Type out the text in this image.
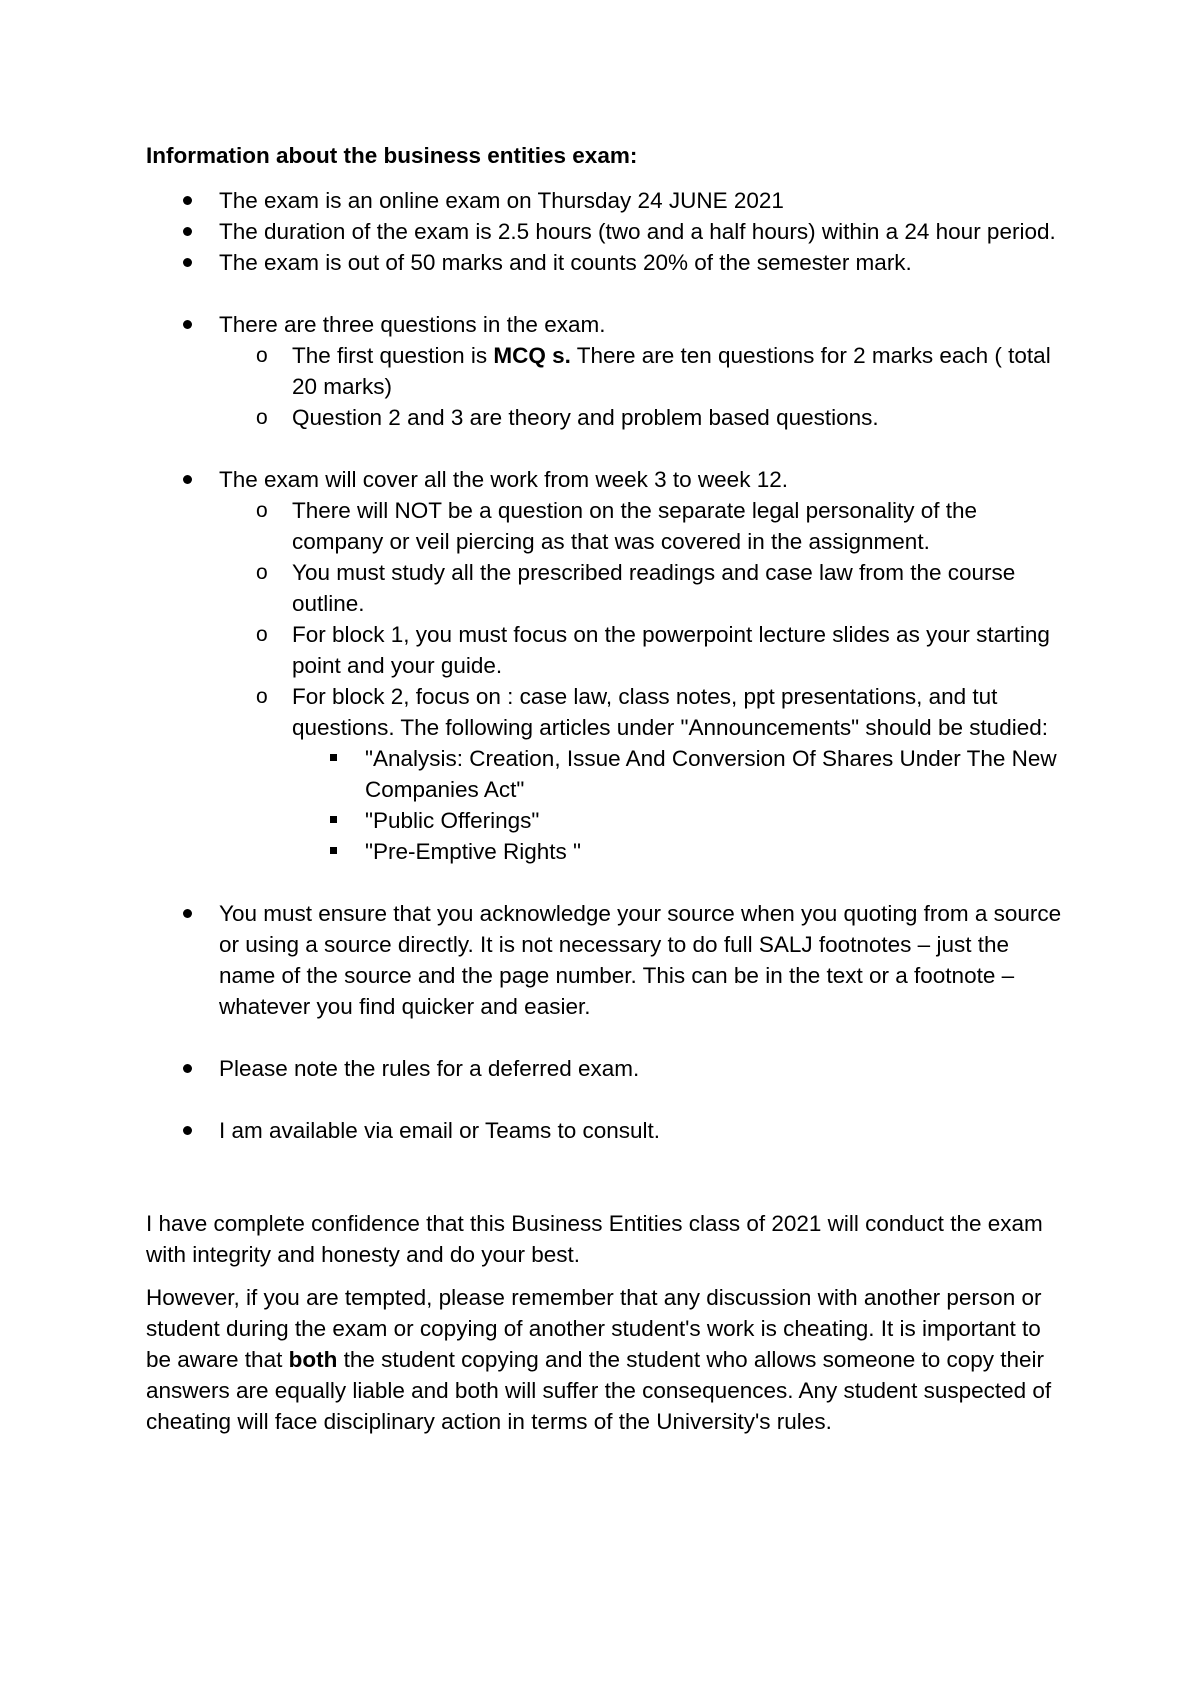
Information about the business entities exam:

The exam is an online exam on Thursday 24 JUNE 2021
The duration of the exam is 2.5 hours (two and a half hours) within a 24 hour period.
The exam is out of 50 marks and it counts 20% of the semester mark.
There are three questions in the exam.
o The first question is MCQ s. There are ten questions for 2 marks each ( total 20 marks)
o Question 2 and 3 are theory and problem based questions.
The exam will cover all the work from week 3 to week 12.
o There will NOT be a question on the separate legal personality of the company or veil piercing as that was covered in the assignment.
o You must study all the prescribed readings and case law from the course outline.
o For block 1, you must focus on the powerpoint lecture slides as your starting point and your guide.
o For block 2, focus on : case law, class notes, ppt presentations, and tut questions. The following articles under "Announcements" should be studied:
"Analysis: Creation, Issue And Conversion Of Shares Under The New Companies Act"
"Public Offerings"
"Pre-Emptive Rights "
You must ensure that you acknowledge your source when you quoting from a source or using a source directly. It is not necessary to do full SALJ footnotes – just the name of the source and the page number. This can be in the text or a footnote – whatever you find quicker and easier.
Please note the rules for a deferred exam.
I am available via email or Teams to consult.

I have complete confidence that this Business Entities class of 2021 will conduct the exam with integrity and honesty and do your best.

However, if you are tempted, please remember that any discussion with another person or student during the exam or copying of another student's work is cheating. It is important to be aware that both the student copying and the student who allows someone to copy their answers are equally liable and both will suffer the consequences. Any student suspected of cheating will face disciplinary action in terms of the University's rules.
